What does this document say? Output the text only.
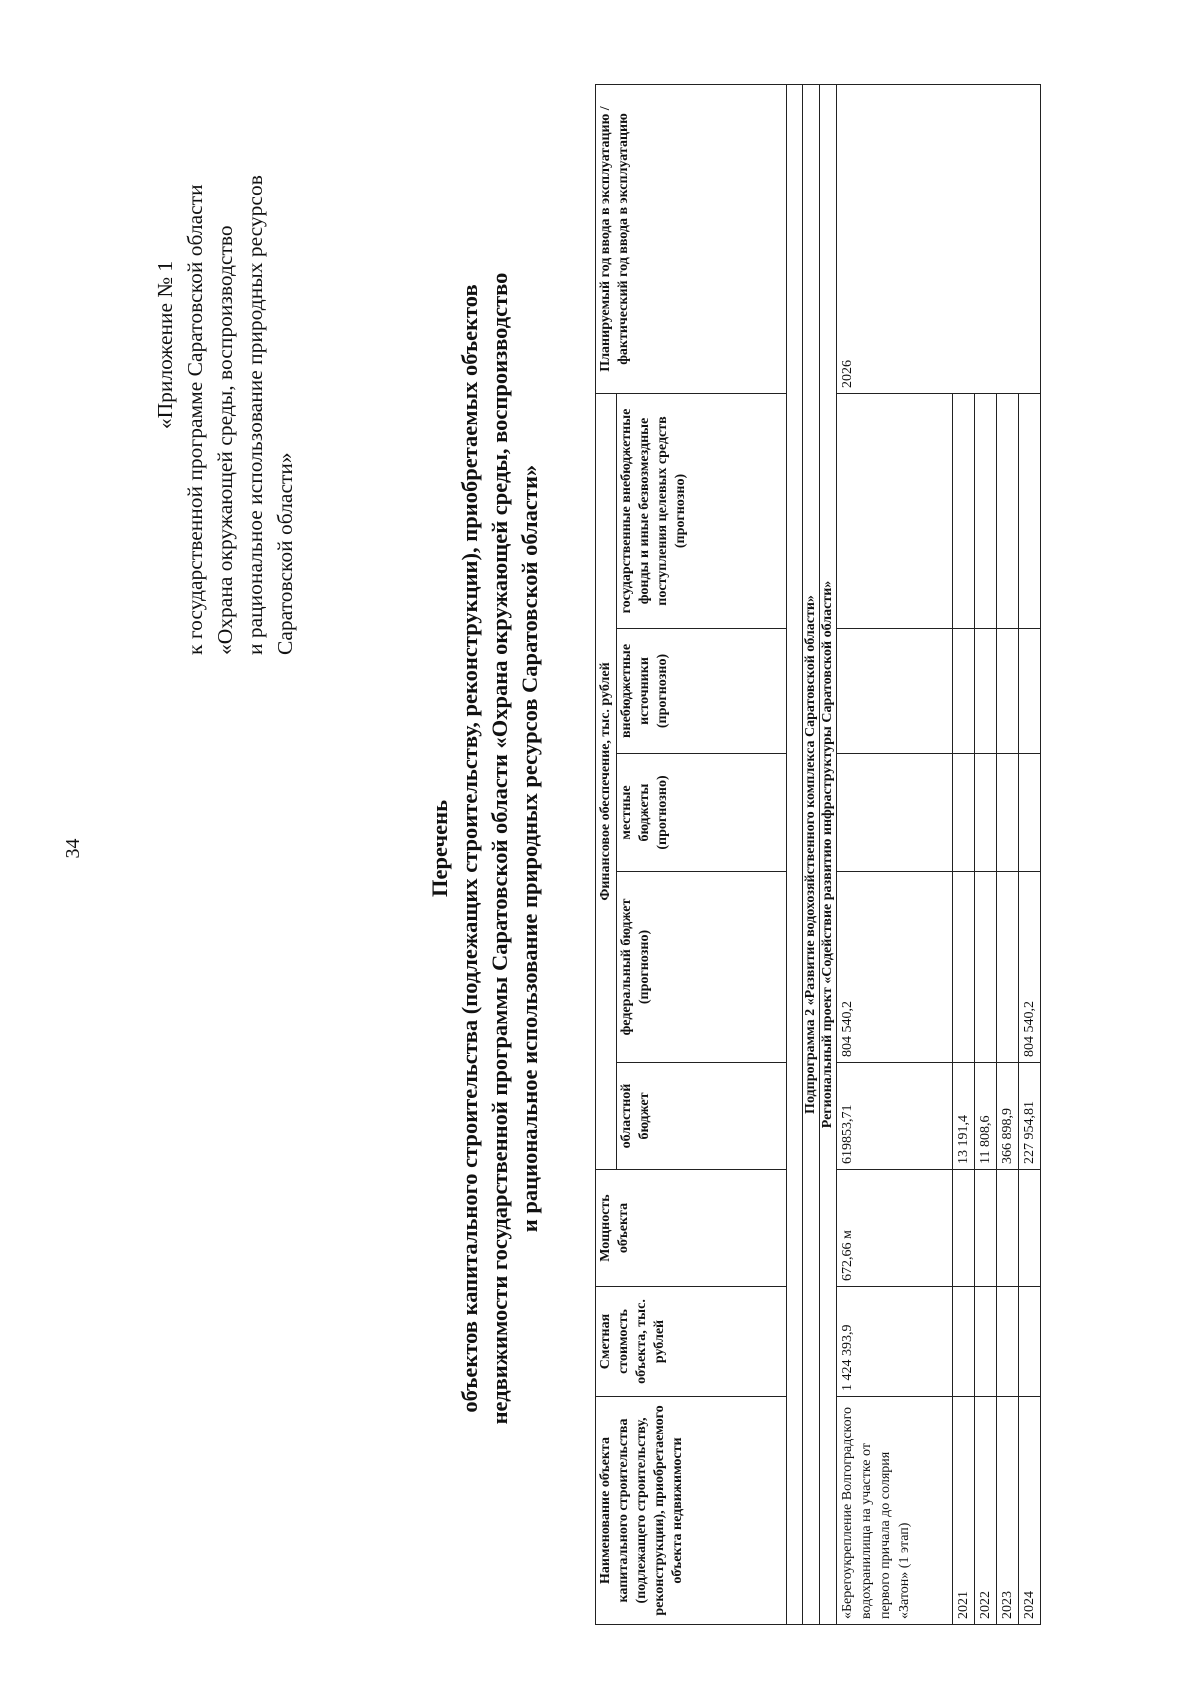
34
«Приложение № 1 к государственной программе Саратовской области «Охрана окружающей среды, воспроизводство и рациональное использование природных ресурсов Саратовской области»
Перечень объектов капитального строительства (подлежащих строительству, реконструкции), приобретаемых объектов недвижимости государственной программы Саратовской области «Охрана окружающей среды, воспроизводство и рациональное использование природных ресурсов Саратовской области»
Наименование объекта капитального строительства (подлежащего строительству, реконструкции), приобретаемого объекта недвижимости	Сметная стоимость объекта, тыс. рублей	Мощность объекта	Финансовое обеспечение, тыс. рублей					Планируемый год ввода в эксплуатацию / фактический год ввода в эксплуатацию
			областной бюджет	федеральный бюджет (прогнозно)	местные бюджеты (прогнозно)	внебюджетные источники (прогнозно)	государственные внебюджетные фонды и иные безвозмездные поступления целевых средств (прогнозно)	

Подпрограмма 2 «Развитие водохозяйственного комплекса Саратовской области»								
Региональный проект «Содействие развитию инфраструктуры Саратовской области»								
«Берегоукрепление Волгоградского водохранилища на участке от первого причала до солярия «Затон» (1 этап)	1 424 393,9	672,66 м	619853,71	804 540,2				2026
2021			13 191,4					
2022			11 808,6					
2023			366 898,9					
2024			227 954,81	804 540,2				
